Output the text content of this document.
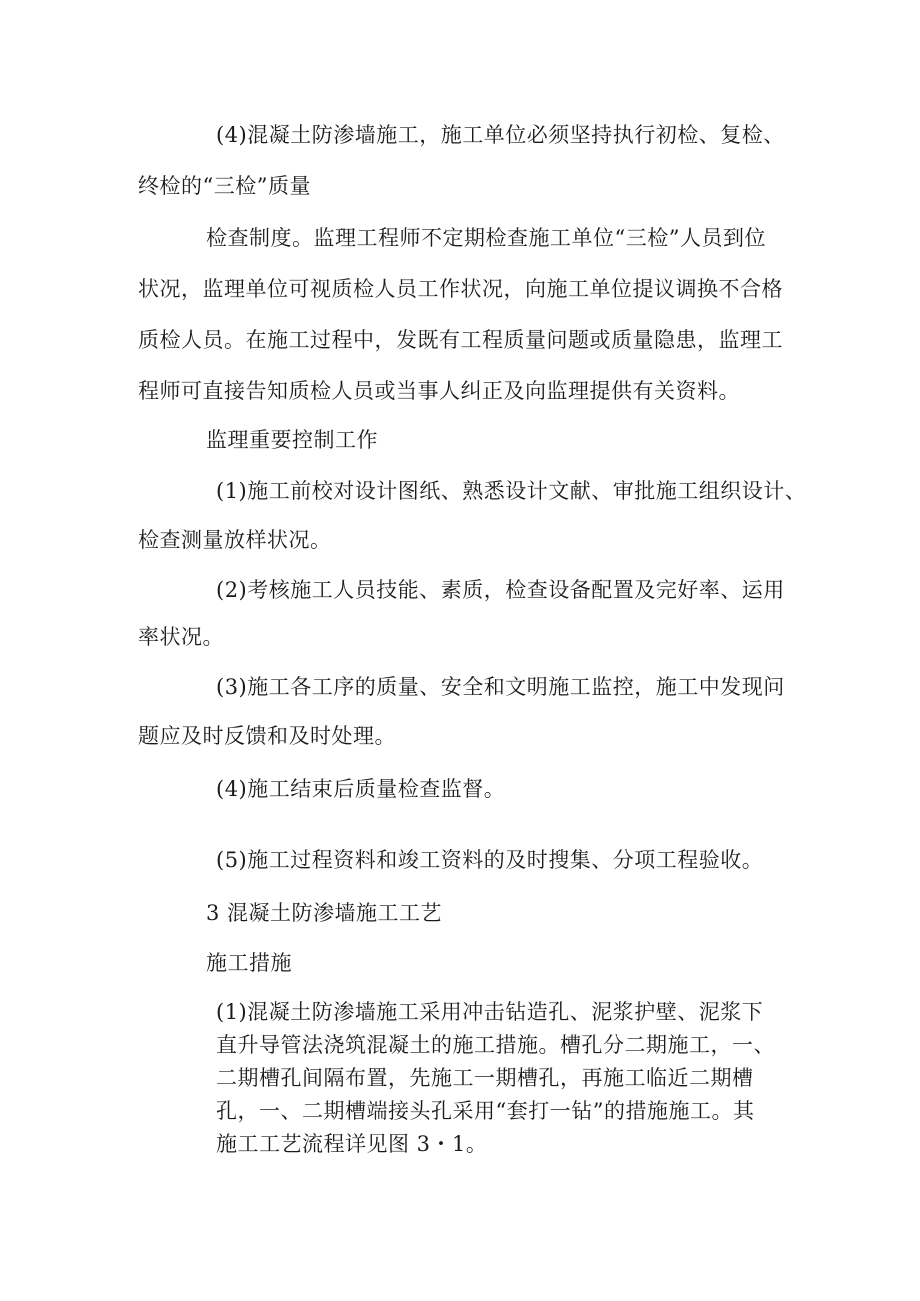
(4)混凝土防渗墙施工，施工单位必须坚持执行初检、复检、
终检的“三检”质量
检查制度。监理工程师不定期检查施工单位“三检”人员到位
状况，监理单位可视质检人员工作状况，向施工单位提议调换不合格
质检人员。在施工过程中，发既有工程质量问题或质量隐患，监理工
程师可直接告知质检人员或当事人纠正及向监理提供有关资料。
监理重要控制工作
(1)施工前校对设计图纸、熟悉设计文献、审批施工组织设计、
检查测量放样状况。
(2)考核施工人员技能、素质，检查设备配置及完好率、运用
率状况。
(3)施工各工序的质量、安全和文明施工监控，施工中发现问
题应及时反馈和及时处理。
(4)施工结束后质量检查监督。
(5)施工过程资料和竣工资料的及时搜集、分项工程验收。
3 混凝土防渗墙施工工艺
施工措施
(1)混凝土防渗墙施工采用冲击钻造孔、泥浆护壁、泥浆下
直升导管法浇筑混凝土的施工措施。槽孔分二期施工，一、
二期槽孔间隔布置，先施工一期槽孔，再施工临近二期槽
孔，一、二期槽端接头孔采用“套打一钻”的措施施工。其
施工工艺流程详见图 3・1。
